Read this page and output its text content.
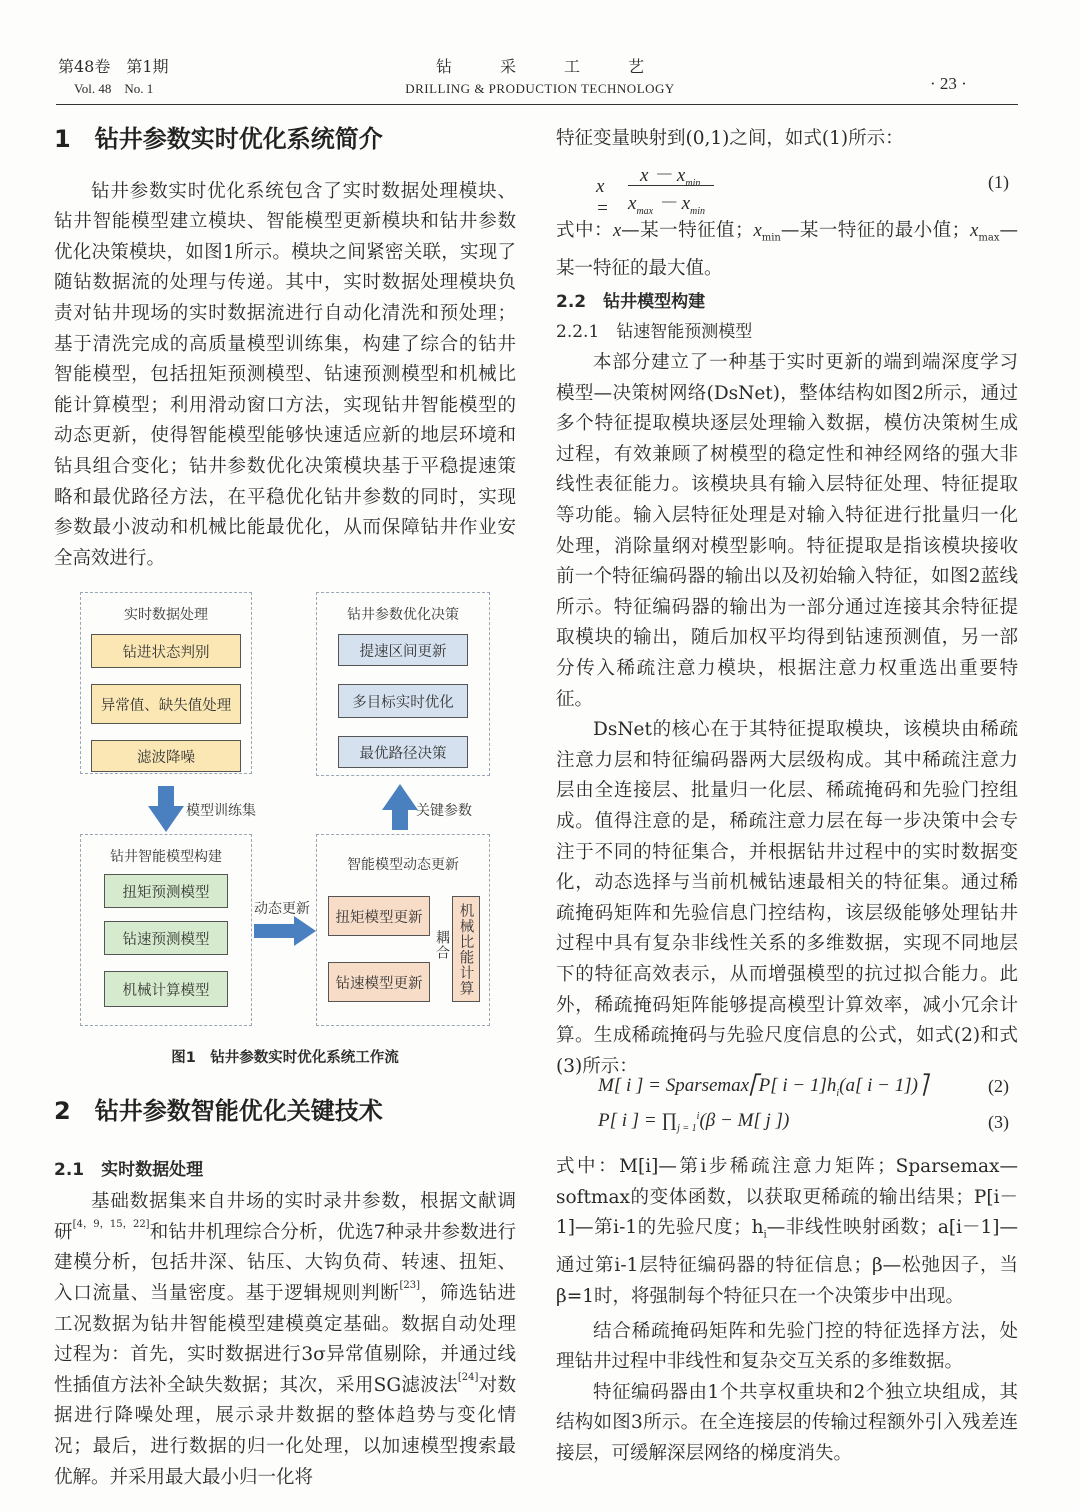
第48卷　第1期
Vol. 48　No. 1
钻采工艺
DRILLING & PRODUCTION TECHNOLOGY	· 23 ·
1　钻井参数实时优化系统简介

钻井参数实时优化系统包含了实时数据处理模块、钻井智能模型建立模块、智能模型更新模块和钻井参数优化决策模块，如图1所示。模块之间紧密关联，实现了随钻数据流的处理与传递。其中，实时数据处理模块负责对钻井现场的实时数据流进行自动化清洗和预处理；基于清洗完成的高质量模型训练集，构建了综合的钻井智能模型，包括扭矩预测模型、钻速预测模型和机械比能计算模型；利用滑动窗口方法，实现钻井智能模型的动态更新，使得智能模型能够快速适应新的地层环境和钻具组合变化；钻井参数优化决策模块基于平稳提速策略和最优路径方法，在平稳优化钻井参数的同时，实现参数最小波动和机械比能最优化，从而保障钻井作业安全高效进行。

实时数据处理
钻进状态判别
异常值、缺失值处理
滤波降噪
钻井参数优化决策
提速区间更新
多目标实时优化
最优路径决策
钻井智能模型构建
扭矩预测模型
钻速预测模型
机械计算模型
智能模型动态更新
扭矩模型更新
钻速模型更新	机械比能计算
耦合
模型训练集	关键参数
动态更新
图1　钻井参数实时优化系统工作流
2　钻井参数智能优化关键技术
2.1　实时数据处理

基础数据集来自井场的实时录井参数，根据文献调研[4，9，15，22]和钻井机理综合分析，优选7种录井参数进行建模分析，包括井深、钻压、大钩负荷、转速、扭矩、入口流量、当量密度。基于逻辑规则判断[23]，筛选钻进工况数据为钻井智能模型建模奠定基础。数据自动处理过程为：首先，实时数据进行3σ异常值剔除，并通过线性插值方法补全缺失数据；其次，采用SG滤波法[24]对数据进行降噪处理，展示录井数据的整体趋势与变化情况；最后，进行数据的归一化处理，以加速模型搜索最优解。并采用最大最小归一化将

特征变量映射到(0,1)之间，如式(1)所示：

x =
$x - x_{min}$
$x_{max} - x_{min}$
(1)

式中：x—某一特征值；$x_{min}—$某一特征的最小值；$x_{max}—$某一特征的最大值。

2.2　钻井模型构建
2.2.1　钻速智能预测模型

本部分建立了一种基于实时更新的端到端深度学习模型—决策树网络(DsNet)，整体结构如图2所示，通过多个特征提取模块逐层处理输入数据，模仿决策树生成过程，有效兼顾了树模型的稳定性和神经网络的强大非线性表征能力。该模块具有输入层特征处理、特征提取等功能。输入层特征处理是对输入特征进行批量归一化处理，消除量纲对模型影响。特征提取是指该模块接收前一个特征编码器的输出以及初始输入特征，如图2蓝线所示。特征编码器的输出为一部分通过连接其余特征提取模块的输出，随后加权平均得到钻速预测值，另一部分传入稀疏注意力模块，根据注意力权重选出重要特征。

DsNet的核心在于其特征提取模块，该模块由稀疏注意力层和特征编码器两大层级构成。其中稀疏注意力层由全连接层、批量归一化层、稀疏掩码和先验门控组成。值得注意的是，稀疏注意力层在每一步决策中会专注于不同的特征集合，并根据钻井过程中的实时数据变化，动态选择与当前机械钻速最相关的特征集。通过稀疏掩码矩阵和先验信息门控结构，该层级能够处理钻井过程中具有复杂非线性关系的多维数据，实现不同地层下的特征高效表示，从而增强模型的抗过拟合能力。此外，稀疏掩码矩阵能够提高模型计算效率，减小冗余计算。生成稀疏掩码与先验尺度信息的公式，如式(2)和式(3)所示：

M[ i ] = Sparsemax⎡P[ $i - 1]h_i(a$[ i − 1])⎤	(2)
P[ i ] = $\prod_{j = 1}^i(\beta - M$[ j ])	(3)

式中：M[i]—第i步稀疏注意力矩阵；Sparsemax—softmax的变体函数，以获取更稀疏的输出结果；P[i－1]—第i-1的先验尺度；$h_i—$非线性映射函数；a[i－1]—通过第i-1层特征编码器的特征信息；β—松弛因子，当β=1时，将强制每个特征只在一个决策步中出现。

结合稀疏掩码矩阵和先验门控的特征选择方法，处理钻井过程中非线性和复杂交互关系的多维数据。

特征编码器由1个共享权重块和2个独立块组成，其结构如图3所示。在全连接层的传输过程额外引入残差连接层，可缓解深层网络的梯度消失。
